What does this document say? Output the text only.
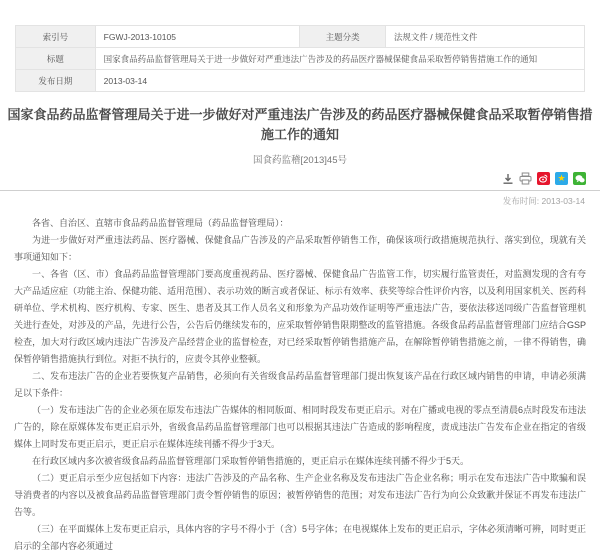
索引号	FGWJ-2013-10105	主题分类	法规文件 / 规范性文件
标题	国家食品药品监督管理局关于进一步做好对严重违法广告涉及的药品医疗器械保健食品采取暂停销售措施工作的通知		
发布日期	2013-03-14		
国家食品药品监督管理局关于进一步做好对严重违法广告涉及的药品医疗器械保健食品采取暂停销售措施工作的通知
国食药监稽[2013]45号
★
发布时间: 2013-03-14

各省、自治区、直辖市食品药品监督管理局（药品监督管理局）：

为进一步做好对严重违法药品、医疗器械、保健食品广告涉及的产品采取暂停销售工作，确保该项行政措施规范执行、落实到位，现就有关事项通知如下：

一、各省（区、市）食品药品监督管理部门要高度重视药品、医疗器械、保健食品广告监管工作，切实履行监管责任，对监测发现的含有夸大产品适应症（功能主治、保健功能、适用范围）、表示功效的断言或者保证、标示有效率、获奖等综合性评价内容，以及利用国家机关、医药科研单位、学术机构、医疗机构、专家、医生、患者及其工作人员名义和形象为产品功效作证明等严重违法广告，要依法移送同级广告监督管理机关进行查处，对涉及的产品，先进行公告，公告后仍继续发布的，应采取暂停销售限期整改的监管措施。各级食品药品监督管理部门应结合GSP检查，加大对行政区域内违法广告涉及产品经营企业的监督检查，对已经采取暂停销售措施产品，在解除暂停销售措施之前，一律不得销售，确保暂停销售措施执行到位。对拒不执行的，应责令其停业整顿。

二、发布违法广告的企业若要恢复产品销售，必须向有关省级食品药品监督管理部门提出恢复该产品在行政区域内销售的申请，申请必须满足以下条件：

（一）发布违法广告的企业必须在原发布违法广告媒体的相同版面、相同时段发布更正启示。对在广播或电视的零点至清晨6点时段发布违法广告的，除在原媒体发布更正启示外，省级食品药品监督管理部门也可以根据其违法广告造成的影响程度，责成违法广告发布企业在指定的省级媒体上同时发布更正启示，更正启示在媒体连续刊播不得少于3天。

在行政区域内多次被省级食品药品监督管理部门采取暂停销售措施的，更正启示在媒体连续刊播不得少于5天。

（二）更正启示至少应包括如下内容：违法广告涉及的产品名称、生产企业名称及发布违法广告企业名称；明示在发布违法广告中欺骗和误导消费者的内容以及被食品药品监督管理部门责令暂停销售的原因；被暂停销售的范围；对发布违法广告行为向公众致歉并保证不再发布违法广告等。

（三）在平面媒体上发布更正启示，具体内容的字号不得小于（含）5号字体；在电视媒体上发布的更正启示，字体必须清晰可辨，同时更正启示的全部内容必须通过
